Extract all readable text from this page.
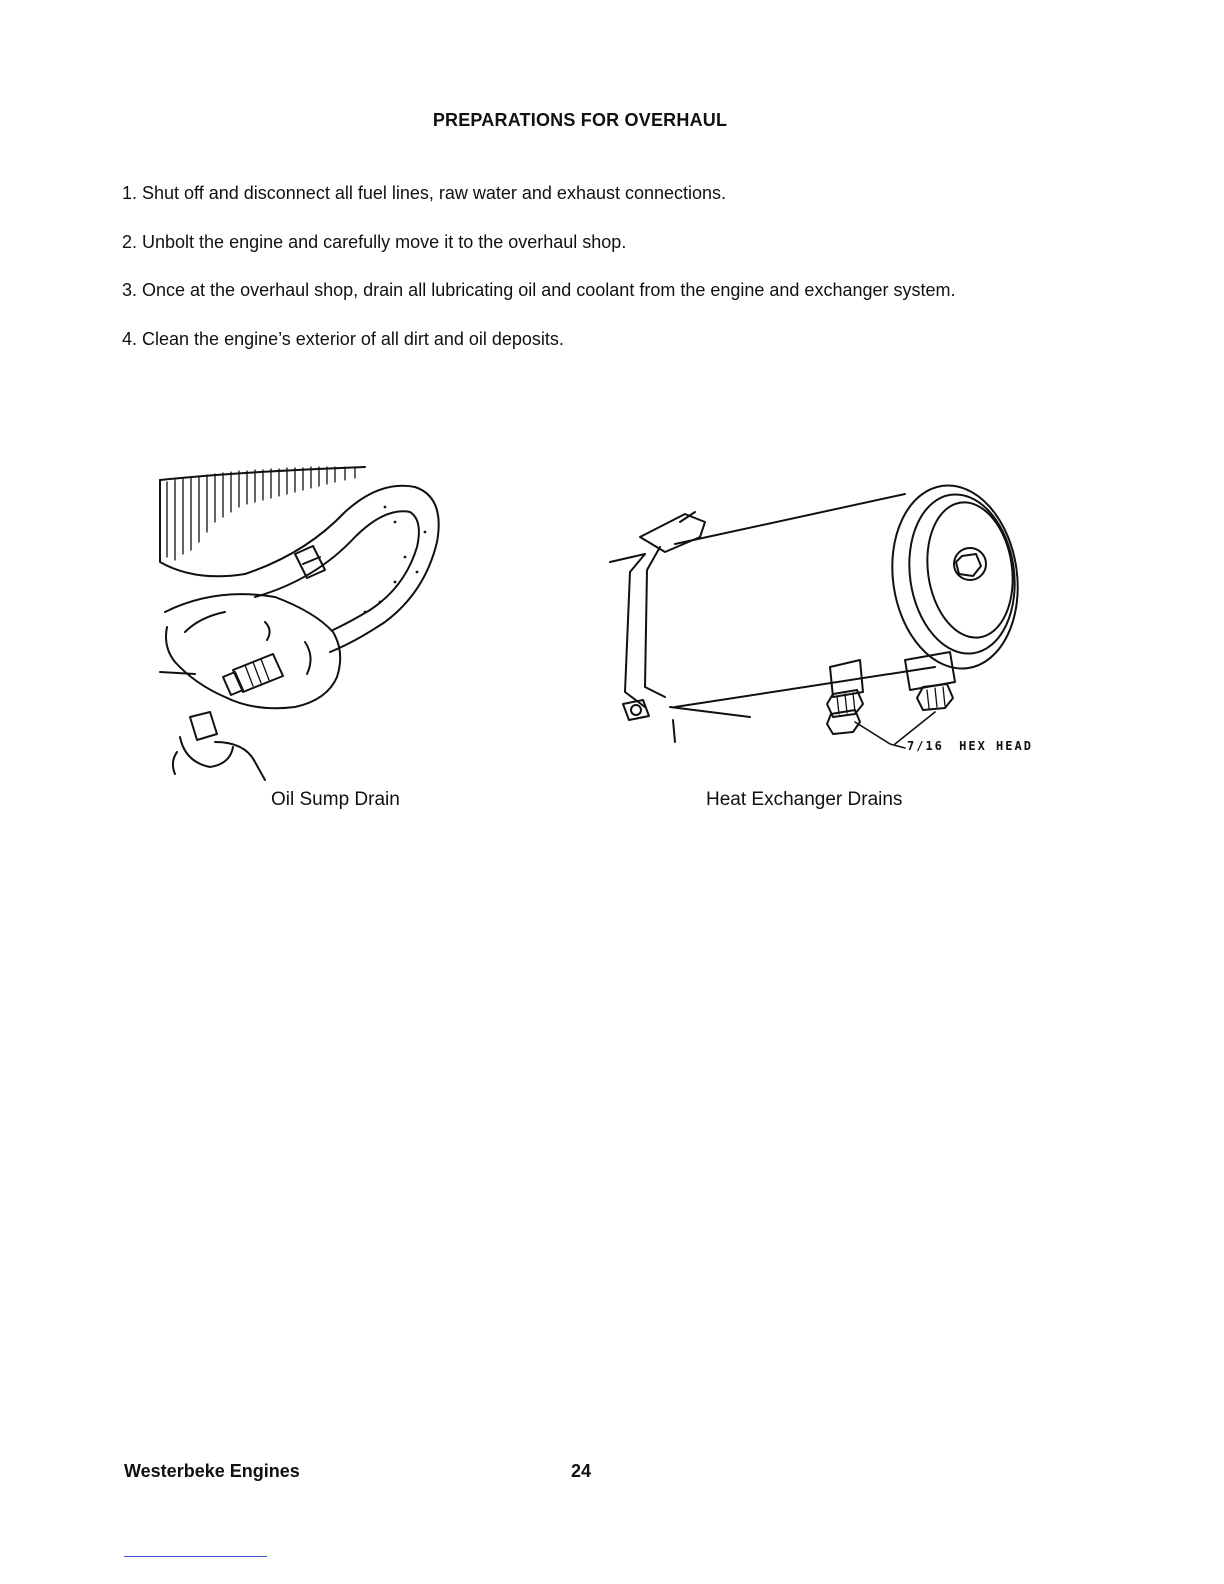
PREPARATIONS FOR OVERHAUL
1. Shut off and disconnect all fuel lines, raw water and exhaust connections.
2. Unbolt the engine and carefully move it to the overhaul shop.
3. Once at the overhaul shop, drain all lubricating oil and coolant from the engine and exchanger system.
4. Clean the engine’s exterior of all dirt and oil deposits.
Oil Sump Drain
7/16 HEX HEAD
Heat Exchanger Drains
Westerbeke Engines	24
